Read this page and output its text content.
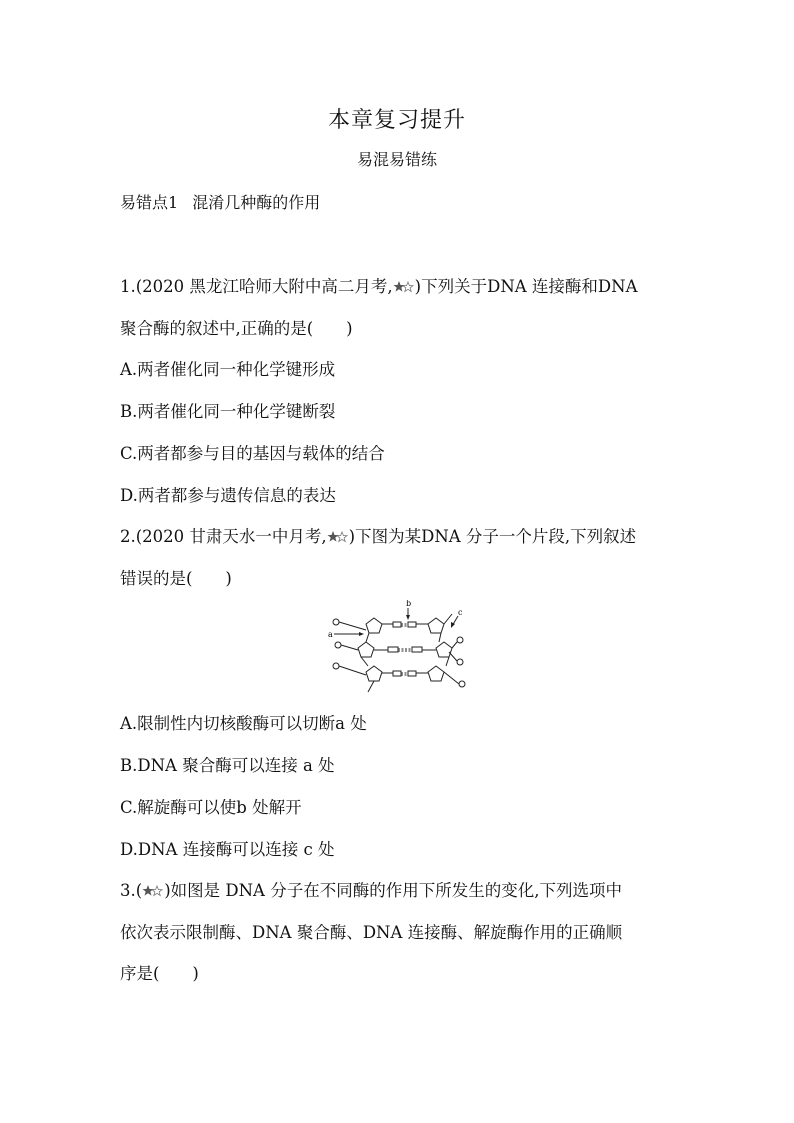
本章复习提升
易混易错练
易错点1 混淆几种酶的作用
1.(2020 黑龙江哈师大附中高二月考, )下列关于DNA 连接酶和DNA
聚合酶的叙述中,正确的是(　　)
A.两者催化同一种化学键形成
B.两者催化同一种化学键断裂
C.两者都参与目的基因与载体的结合
D.两者都参与遗传信息的表达
2.(2020 甘肃天水一中月考, )下图为某DNA 分子一个片段,下列叙述
错误的是(　　)
a
b
c
A.限制性内切核酸酶可以切断a 处
B.DNA 聚合酶可以连接 a 处
C.解旋酶可以使b 处解开
D.DNA 连接酶可以连接 c 处
3.( )如图是 DNA 分子在不同酶的作用下所发生的变化,下列选项中
依次表示限制酶、DNA 聚合酶、DNA 连接酶、解旋酶作用的正确顺
序是(　　)
